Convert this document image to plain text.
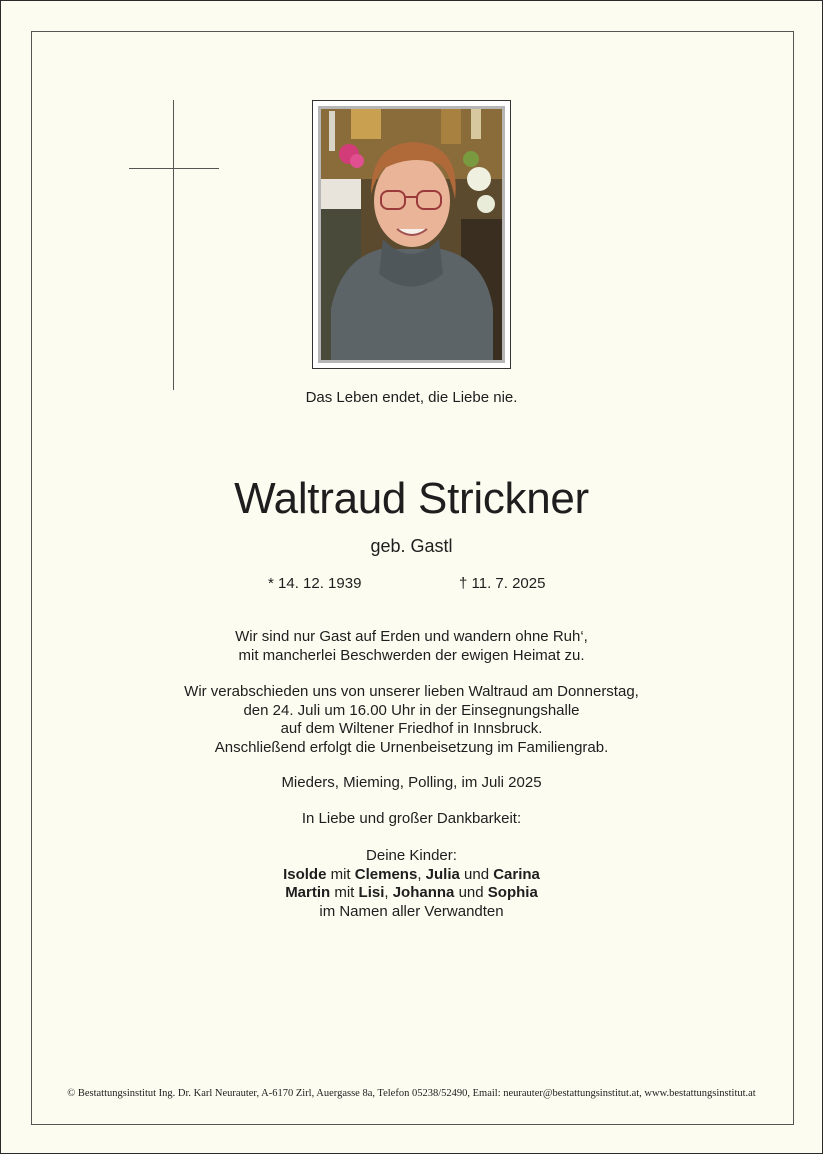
Das Leben endet, die Liebe nie.
Waltraud Strickner
geb. Gastl
* 14. 12. 1939	† 11. 7. 2025
Wir sind nur Gast auf Erden und wandern ohne Ruh‘,
mit mancherlei Beschwerden der ewigen Heimat zu.
Wir verabschieden uns von unserer lieben Waltraud am Donnerstag,
den 24. Juli um 16.00 Uhr in der Einsegnungshalle
auf dem Wiltener Friedhof in Innsbruck.
Anschließend erfolgt die Urnenbeisetzung im Familiengrab.
Mieders, Mieming, Polling, im Juli 2025
In Liebe und großer Dankbarkeit:
Deine Kinder:
Isolde mit Clemens, Julia und Carina
Martin mit Lisi, Johanna und Sophia
im Namen aller Verwandten
© Bestattungsinstitut Ing. Dr. Karl Neurauter, A-6170 Zirl, Auergasse 8a, Telefon 05238/52490, Email: neurauter@bestattungsinstitut.at, www.bestattungsinstitut.at
